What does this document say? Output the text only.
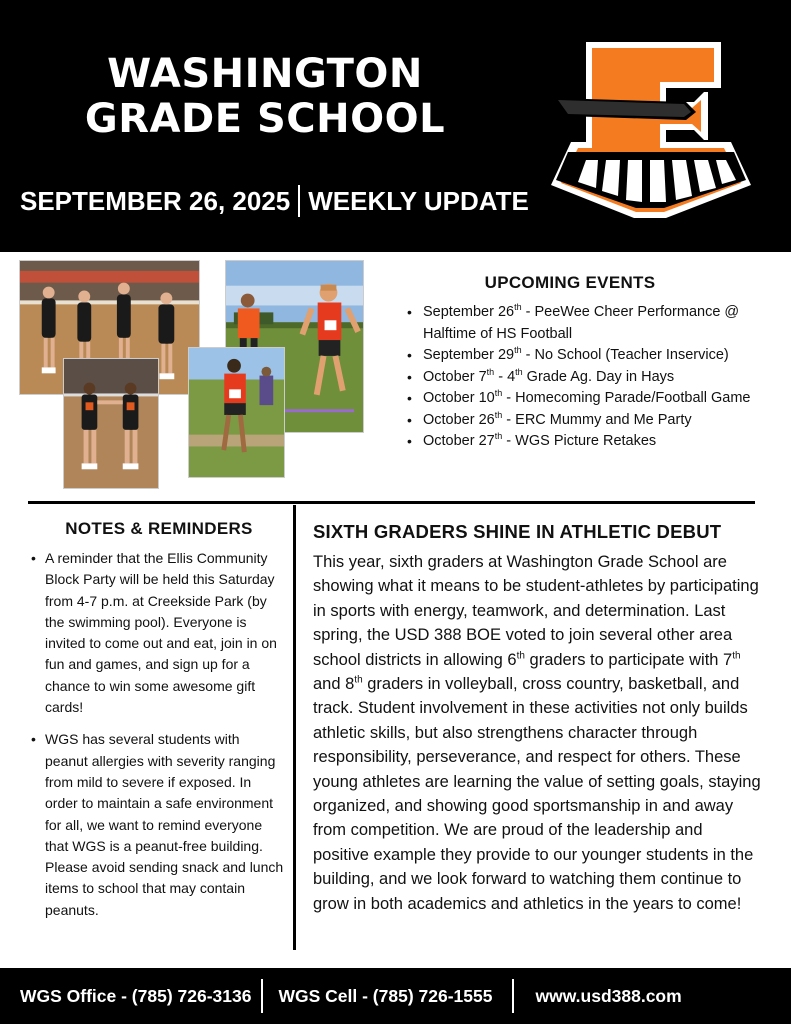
WASHINGTON
GRADE SCHOOL
SEPTEMBER 26, 2025 WEEKLY UPDATE
UPCOMING EVENTS
• September 26th - PeeWee Cheer Performance @ Halftime of HS Football
• September 29th - No School (Teacher Inservice)
• October 7th - 4th Grade Ag. Day in Hays
• October 10th - Homecoming Parade/Football Game
• October 26th - ERC Mummy and Me Party
• October 27th - WGS Picture Retakes
NOTES & REMINDERS
• A reminder that the Ellis Community Block Party will be held this Saturday from 4-7 p.m. at Creekside Park (by the swimming pool). Everyone is invited to come out and eat, join in on fun and games, and sign up for a chance to win some awesome gift cards!
• WGS has several students with peanut allergies with severity ranging from mild to severe if exposed. In order to maintain a safe environment for all, we want to remind everyone that WGS is a peanut-free building. Please avoid sending snack and lunch items to school that may contain peanuts.
SIXTH GRADERS SHINE IN ATHLETIC DEBUT
This year, sixth graders at Washington Grade School are showing what it means to be student-athletes by participating in sports with energy, teamwork, and determination. Last spring, the USD 388 BOE voted to join several other area school districts in allowing 6th graders to participate with 7th and 8th graders in volleyball, cross country, basketball, and track. Student involvement in these activities not only builds athletic skills, but also strengthens character through responsibility, perseverance, and respect for others. These young athletes are learning the value of setting goals, staying organized, and showing good sportsmanship in and away from competition. We are proud of the leadership and positive example they provide to our younger students in the building, and we look forward to watching them continue to grow in both academics and athletics in the years to come!
WGS Office - (785) 726-3136 WGS Cell - (785) 726-1555 www.usd388.com
